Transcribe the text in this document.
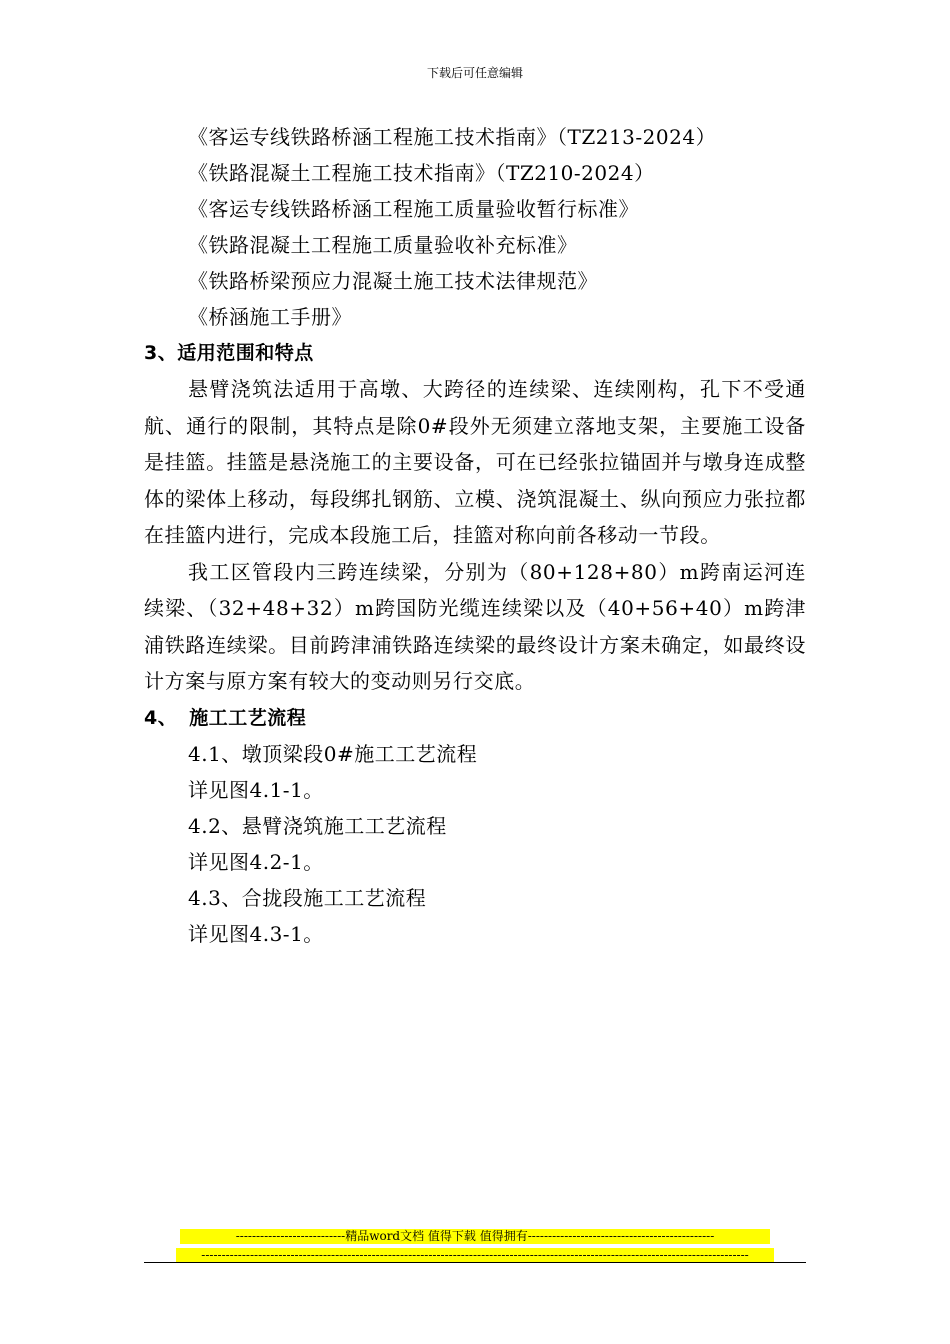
下载后可任意编辑
《客运专线铁路桥涵工程施工技术指南》（TZ213-2024）
《铁路混凝土工程施工技术指南》（TZ210-2024）
《客运专线铁路桥涵工程施工质量验收暂行标准》
《铁路混凝土工程施工质量验收补充标准》
《铁路桥梁预应力混凝土施工技术法律规范》
《桥涵施工手册》
3、适用范围和特点
悬臂浇筑法适用于高墩、大跨径的连续梁、连续刚构，孔下不受通航、通行的限制，其特点是除0#段外无须建立落地支架，主要施工设备是挂篮。挂篮是悬浇施工的主要设备，可在已经张拉锚固并与墩身连成整体的梁体上移动，每段绑扎钢筋、立模、浇筑混凝土、纵向预应力张拉都在挂篮内进行，完成本段施工后，挂篮对称向前各移动一节段。
我工区管段内三跨连续梁，分别为（80+128+80）m跨南运河连续梁、（32+48+32）m跨国防光缆连续梁以及（40+56+40）m跨津浦铁路连续梁。目前跨津浦铁路连续梁的最终设计方案未确定，如最终设计方案与原方案有较大的变动则另行交底。
4、 施工工艺流程
4.1、墩顶梁段0#施工工艺流程
详见图4.1-1。
4.2、悬臂浇筑施工工艺流程
详见图4.2-1。
4.3、合拢段施工工艺流程
详见图4.3-1。
---------------------------精品word文档 值得下载 值得拥有----------------------------------------------
---------------------------------------------------------------------------------------------------------------------------------------
